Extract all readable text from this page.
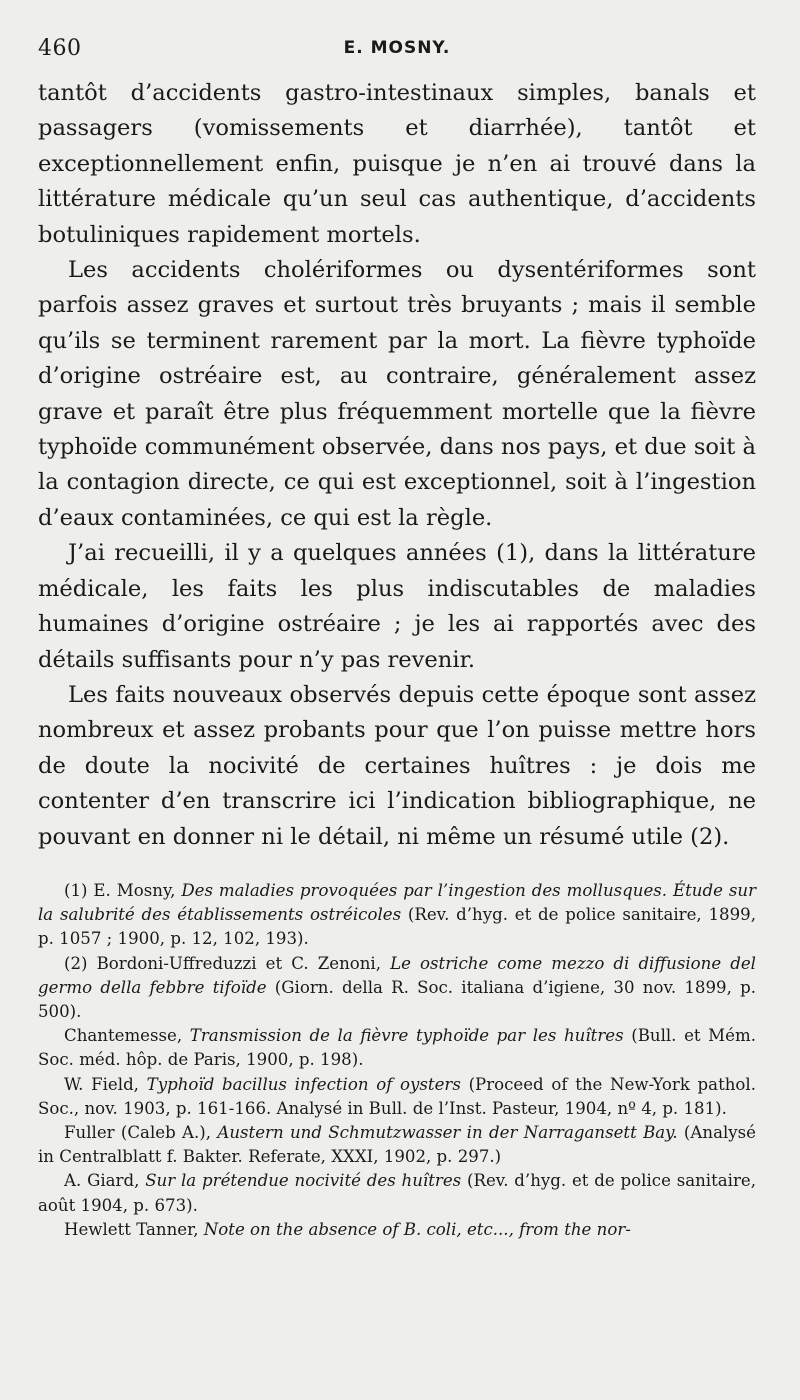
460	E. MOSNY.

tantôt d’accidents gastro-intestinaux simples, banals et passagers (vomissements et diarrhée), tantôt et exceptionnellement enfin, puisque je n’en ai trouvé dans la littérature médicale qu’un seul cas authentique, d’accidents botuliniques rapidement mortels.

Les accidents cholériformes ou dysentériformes sont parfois assez graves et surtout très bruyants ; mais il semble qu’ils se terminent rarement par la mort. La fièvre typhoïde d’origine ostréaire est, au contraire, généralement assez grave et paraît être plus fréquemment mortelle que la fièvre typhoïde communément observée, dans nos pays, et due soit à la contagion directe, ce qui est exceptionnel, soit à l’ingestion d’eaux contaminées, ce qui est la règle.

J’ai recueilli, il y a quelques années (1), dans la littérature médicale, les faits les plus indiscutables de maladies humaines d’origine ostréaire ; je les ai rapportés avec des détails suffisants pour n’y pas revenir.

Les faits nouveaux observés depuis cette époque sont assez nombreux et assez probants pour que l’on puisse mettre hors de doute la nocivité de certaines huîtres : je dois me contenter d’en transcrire ici l’indication bibliographique, ne pouvant en donner ni le détail, ni même un résumé utile (2).

(1) E. Mosny, Des maladies provoquées par l’ingestion des mollusques. Étude sur la salubrité des établissements ostréicoles (Rev. d’hyg. et de police sanitaire, 1899, p. 1057 ; 1900, p. 12, 102, 193).

(2) Bordoni-Uffreduzzi et C. Zenoni, Le ostriche come mezzo di diffusione del germo della febbre tifoïde (Giorn. della R. Soc. italiana d’igiene, 30 nov. 1899, p. 500).

Chantemesse, Transmission de la fièvre typhoïde par les huîtres (Bull. et Mém. Soc. méd. hôp. de Paris, 1900, p. 198).

W. Field, Typhoïd bacillus infection of oysters (Proceed of the New-York pathol. Soc., nov. 1903, p. 161-166. Analysé in Bull. de l’Inst. Pasteur, 1904, nº 4, p. 181).

Fuller (Caleb A.), Austern und Schmutzwasser in der Narragansett Bay. (Analysé in Centralblatt f. Bakter. Referate, XXXI, 1902, p. 297.)

A. Giard, Sur la prétendue nocivité des huîtres (Rev. d’hyg. et de police sanitaire, août 1904, p. 673).

Hewlett Tanner, Note on the absence of B. coli, etc..., from the nor-
